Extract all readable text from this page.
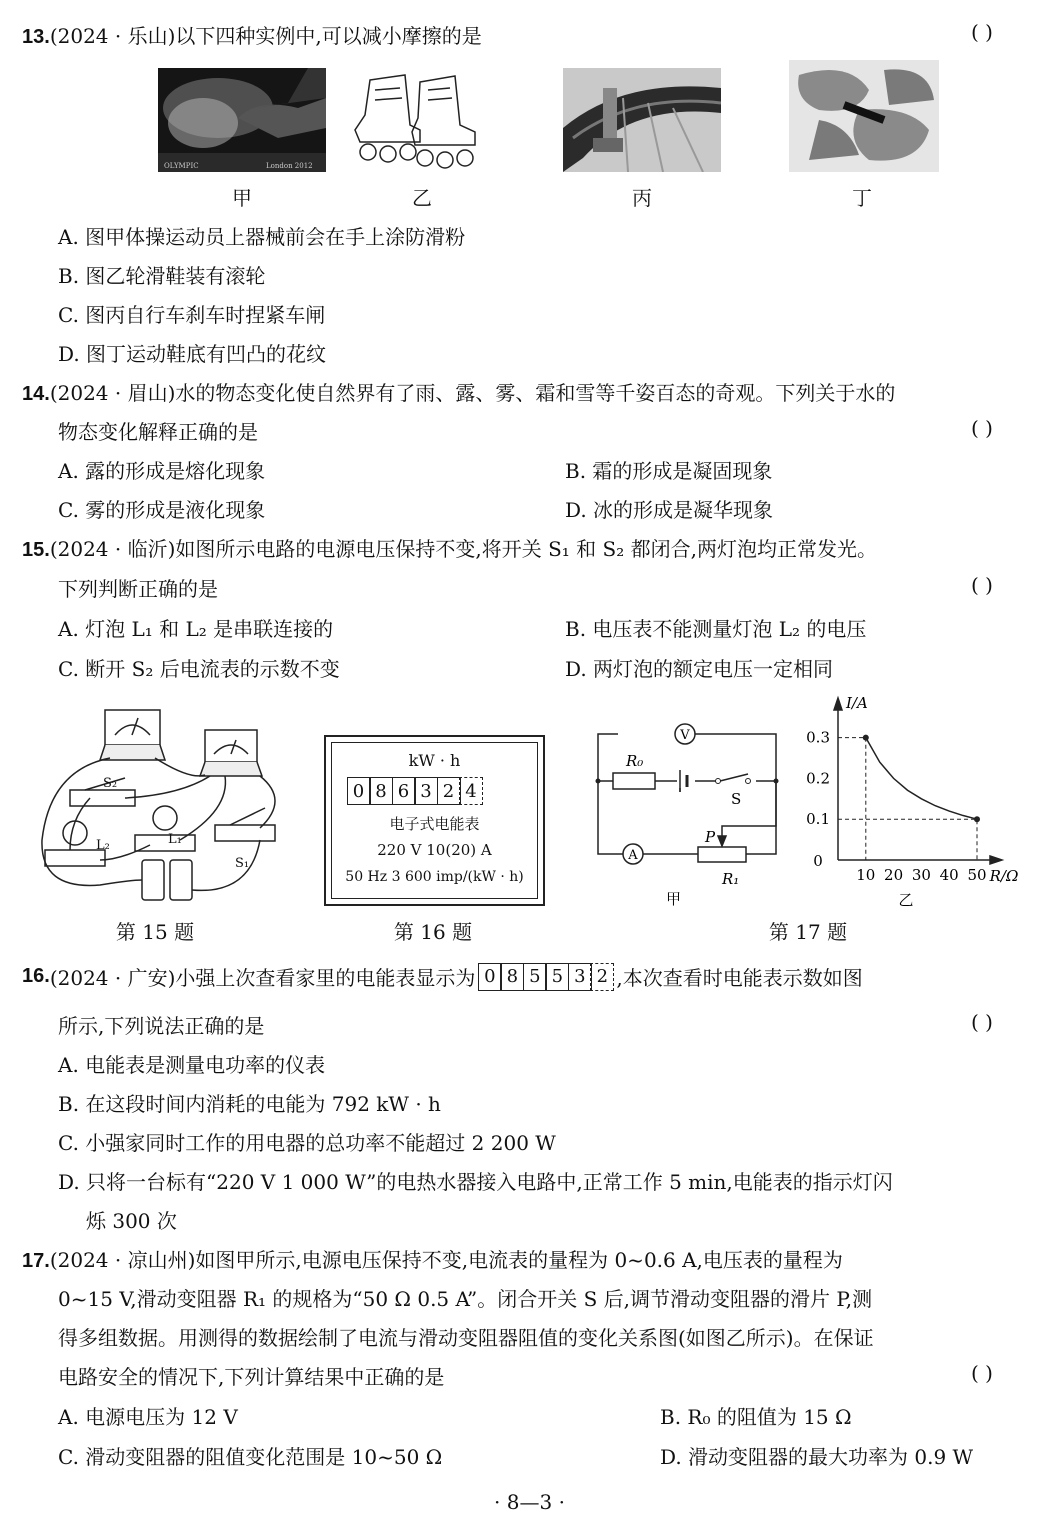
13.(2024 · 乐山)以下四种实例中,可以减小摩擦的是	( )
OLYMPIC	London 2012
甲	乙	丙	丁
A. 图甲体操运动员上器械前会在手上涂防滑粉
B. 图乙轮滑鞋装有滚轮
C. 图丙自行车刹车时捏紧车闸
D. 图丁运动鞋底有凹凸的花纹
14.(2024 · 眉山)水的物态变化使自然界有了雨、露、雾、霜和雪等千姿百态的奇观。下列关于水的
物态变化解释正确的是	( )
A. 露的形成是熔化现象	B. 霜的形成是凝固现象
C. 雾的形成是液化现象	D. 冰的形成是凝华现象
15.(2024 · 临沂)如图所示电路的电源电压保持不变,将开关 S₁ 和 S₂ 都闭合,两灯泡均正常发光。
下列判断正确的是	( )
A. 灯泡 L₁ 和 L₂ 是串联连接的	B. 电压表不能测量灯泡 L₂ 的电压
C. 断开 S₂ 后电流表的示数不变	D. 两灯泡的额定电压一定相同
S₂
L₁
L₂
S₁
第 15 题
kW · h
0 8 6 3 2 4
电子式电能表
220 V 10(20) A
50 Hz 3 600 imp/(kW · h)
第 16 题
V
A
R₀
S
P
R₁
甲
10 20 30 40 50
0.1
0.2
0.3
I/A
R/Ω
0
乙
第 17 题
16. (2024 · 广安)小强上次查看家里的电能表显示为 0 8 5 5 3 2 ,本次查看时电能表示数如图
所示,下列说法正确的是	( )
A. 电能表是测量电功率的仪表
B. 在这段时间内消耗的电能为 792 kW · h
C. 小强家同时工作的用电器的总功率不能超过 2 200 W
D. 只将一台标有“220 V 1 000 W”的电热水器接入电路中,正常工作 5 min,电能表的指示灯闪
烁 300 次
17.(2024 · 凉山州)如图甲所示,电源电压保持不变,电流表的量程为 0~0.6 A,电压表的量程为
0~15 V,滑动变阻器 R₁ 的规格为“50 Ω 0.5 A”。闭合开关 S 后,调节滑动变阻器的滑片 P,测
得多组数据。用测得的数据绘制了电流与滑动变阻器阻值的变化关系图(如图乙所示)。在保证
电路安全的情况下,下列计算结果中正确的是	( )
A. 电源电压为 12 V	B. R₀ 的阻值为 15 Ω
C. 滑动变阻器的阻值变化范围是 10~50 Ω	D. 滑动变阻器的最大功率为 0.9 W
· 8—3 ·
